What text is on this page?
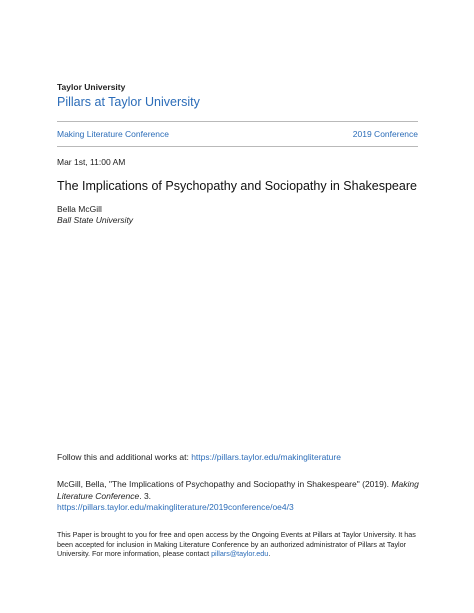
Taylor University
Pillars at Taylor University
Making Literature Conference	2019 Conference
Mar 1st, 11:00 AM
The Implications of Psychopathy and Sociopathy in Shakespeare
Bella McGill
Ball State University
Follow this and additional works at: https://pillars.taylor.edu/makingliterature
McGill, Bella, "The Implications of Psychopathy and Sociopathy in Shakespeare" (2019). Making Literature Conference. 3.
https://pillars.taylor.edu/makingliterature/2019conference/oe4/3
This Paper is brought to you for free and open access by the Ongoing Events at Pillars at Taylor University. It has been accepted for inclusion in Making Literature Conference by an authorized administrator of Pillars at Taylor University. For more information, please contact pillars@taylor.edu.
